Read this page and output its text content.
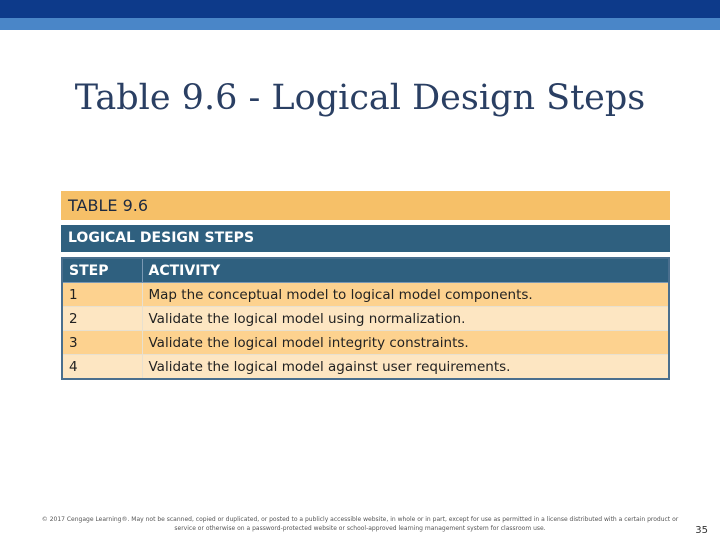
Table 9.6 - Logical Design Steps
TABLE 9.6
LOGICAL DESIGN STEPS
STEP	ACTIVITY
1	Map the conceptual model to logical model components.
2	Validate the logical model using normalization.
3	Validate the logical model integrity constraints.
4	Validate the logical model against user requirements.
© 2017 Cengage Learning®. May not be scanned, copied or duplicated, or posted to a publicly accessible website, in whole or in part, except for use as permitted in a license distributed with a certain product or service or otherwise on a password-protected website or school-approved learning management system for classroom use.	35
